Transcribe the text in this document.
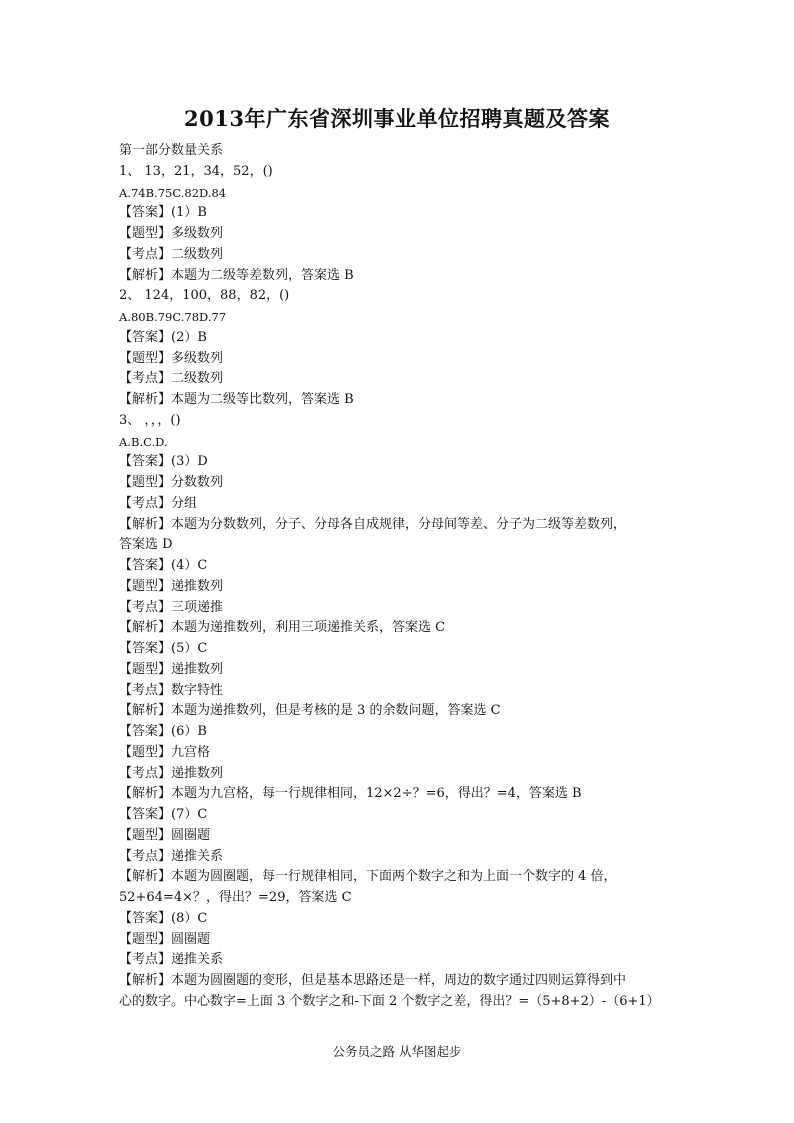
2013年广东省深圳事业单位招聘真题及答案
第一部分数量关系
1、 13，21，34，52，()
A.74B.75C.82D.84
【答案】(1）B
【题型】多级数列
【考点】二级数列
【解析】本题为二级等差数列，答案选 B
2、 124，100，88，82，()
A.80B.79C.78D.77
【答案】(2）B
【题型】多级数列
【考点】二级数列
【解析】本题为二级等比数列，答案选 B
3、 ，，，()
A.B.C.D.
【答案】(3）D
【题型】分数数列
【考点】分组
【解析】本题为分数数列，分子、分母各自成规律，分母间等差、分子为二级等差数列，
答案选 D
【答案】(4）C
【题型】递推数列
【考点】三项递推
【解析】本题为递推数列，利用三项递推关系，答案选 C
【答案】(5）C
【题型】递推数列
【考点】数字特性
【解析】本题为递推数列，但是考核的是 3 的余数问题，答案选 C
【答案】(6）B
【题型】九宫格
【考点】递推数列
【解析】本题为九宫格，每一行规律相同，12×2÷？=6，得出？=4，答案选 B
【答案】(7）C
【题型】圆圈题
【考点】递推关系
【解析】本题为圆圈题，每一行规律相同，下面两个数字之和为上面一个数字的 4 倍，
52+64=4×？，得出？=29，答案选 C
【答案】(8）C
【题型】圆圈题
【考点】递推关系
【解析】本题为圆圈题的变形，但是基本思路还是一样，周边的数字通过四则运算得到中
心的数字。中心数字=上面 3 个数字之和-下面 2 个数字之差，得出？=（5+8+2）-（6+1）
公务员之路 从华图起步
